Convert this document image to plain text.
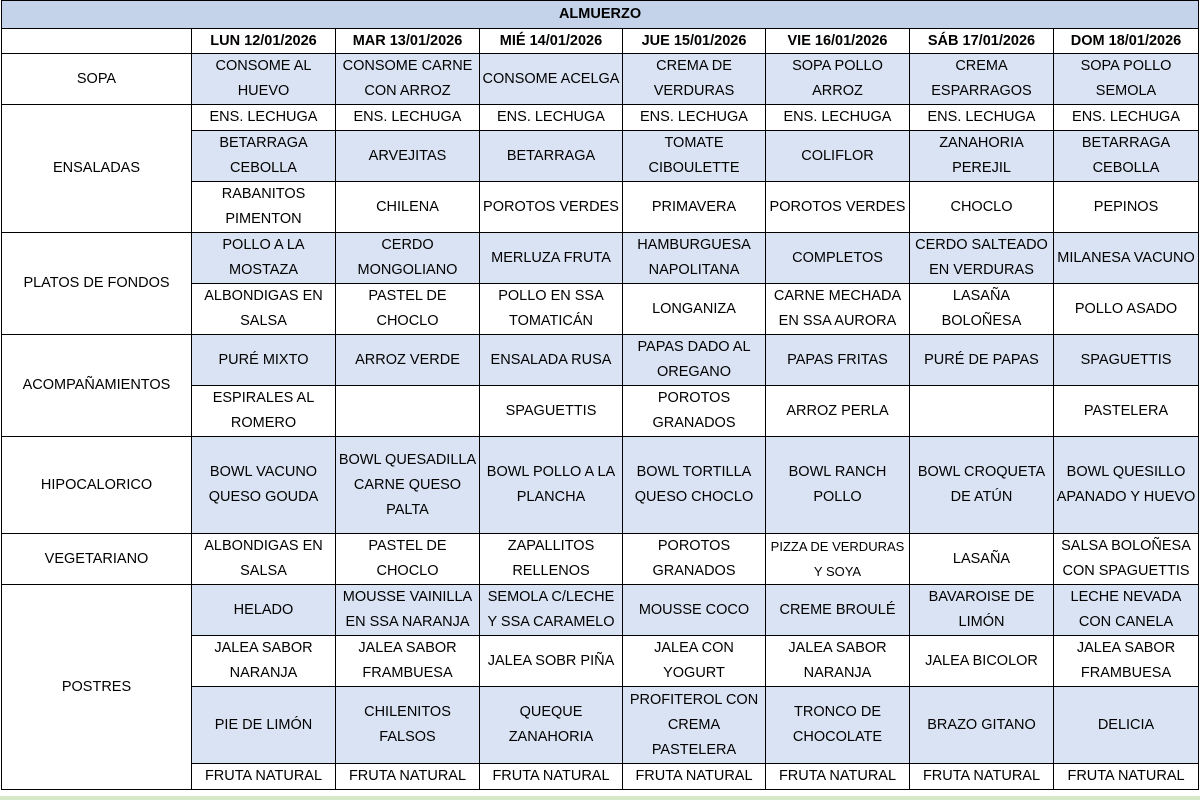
ALMUERZO							
	LUN 12/01/2026	MAR 13/01/2026	MIÉ 14/01/2026	JUE 15/01/2026	VIE 16/01/2026	SÁB 17/01/2026	DOM 18/01/2026
SOPA	CONSOME AL HUEVO	CONSOME CARNE CON ARROZ	CONSOME ACELGA	CREMA DE VERDURAS	SOPA POLLO ARROZ	CREMA ESPARRAGOS	SOPA POLLO SEMOLA
ENSALADAS	ENS. LECHUGA	ENS. LECHUGA	ENS. LECHUGA	ENS. LECHUGA	ENS. LECHUGA	ENS. LECHUGA	ENS. LECHUGA
	BETARRAGA CEBOLLA	ARVEJITAS	BETARRAGA	TOMATE CIBOULETTE	COLIFLOR	ZANAHORIA PEREJIL	BETARRAGA CEBOLLA
	RABANITOS PIMENTON	CHILENA	POROTOS VERDES	PRIMAVERA	POROTOS VERDES	CHOCLO	PEPINOS
PLATOS DE FONDOS	POLLO A LA MOSTAZA	CERDO MONGOLIANO	MERLUZA FRUTA	HAMBURGUESA NAPOLITANA	COMPLETOS	CERDO SALTEADO EN VERDURAS	MILANESA VACUNO
	ALBONDIGAS EN SALSA	PASTEL DE CHOCLO	POLLO EN SSA TOMATICÁN	LONGANIZA	CARNE MECHADA EN SSA AURORA	LASAÑA BOLOÑESA	POLLO ASADO
ACOMPAÑAMIENTOS	PURÉ MIXTO	ARROZ VERDE	ENSALADA RUSA	PAPAS DADO AL OREGANO	PAPAS FRITAS	PURÉ DE PAPAS	SPAGUETTIS
	ESPIRALES AL ROMERO		SPAGUETTIS	POROTOS GRANADOS	ARROZ PERLA		PASTELERA
HIPOCALORICO	BOWL VACUNO QUESO GOUDA	BOWL QUESADILLA CARNE QUESO PALTA	BOWL POLLO A LA PLANCHA	BOWL TORTILLA QUESO CHOCLO	BOWL RANCH POLLO	BOWL CROQUETA DE ATÚN	BOWL QUESILLO APANADO Y HUEVO
VEGETARIANO	ALBONDIGAS EN SALSA	PASTEL DE CHOCLO	ZAPALLITOS RELLENOS	POROTOS GRANADOS	PIZZA DE VERDURAS Y SOYA	LASAÑA	SALSA BOLOÑESA CON SPAGUETTIS
POSTRES	HELADO	MOUSSE VAINILLA EN SSA NARANJA	SEMOLA C/LECHE Y SSA CARAMELO	MOUSSE COCO	CREME BROULÉ	BAVAROISE DE LIMÓN	LECHE NEVADA CON CANELA
	JALEA SABOR NARANJA	JALEA SABOR FRAMBUESA	JALEA SOBR PIÑA	JALEA CON YOGURT	JALEA SABOR NARANJA	JALEA BICOLOR	JALEA SABOR FRAMBUESA
	PIE DE LIMÓN	CHILENITOS FALSOS	QUEQUE ZANAHORIA	PROFITEROL CON CREMA PASTELERA	TRONCO DE CHOCOLATE	BRAZO GITANO	DELICIA
	FRUTA NATURAL	FRUTA NATURAL	FRUTA NATURAL	FRUTA NATURAL	FRUTA NATURAL	FRUTA NATURAL	FRUTA NATURAL
